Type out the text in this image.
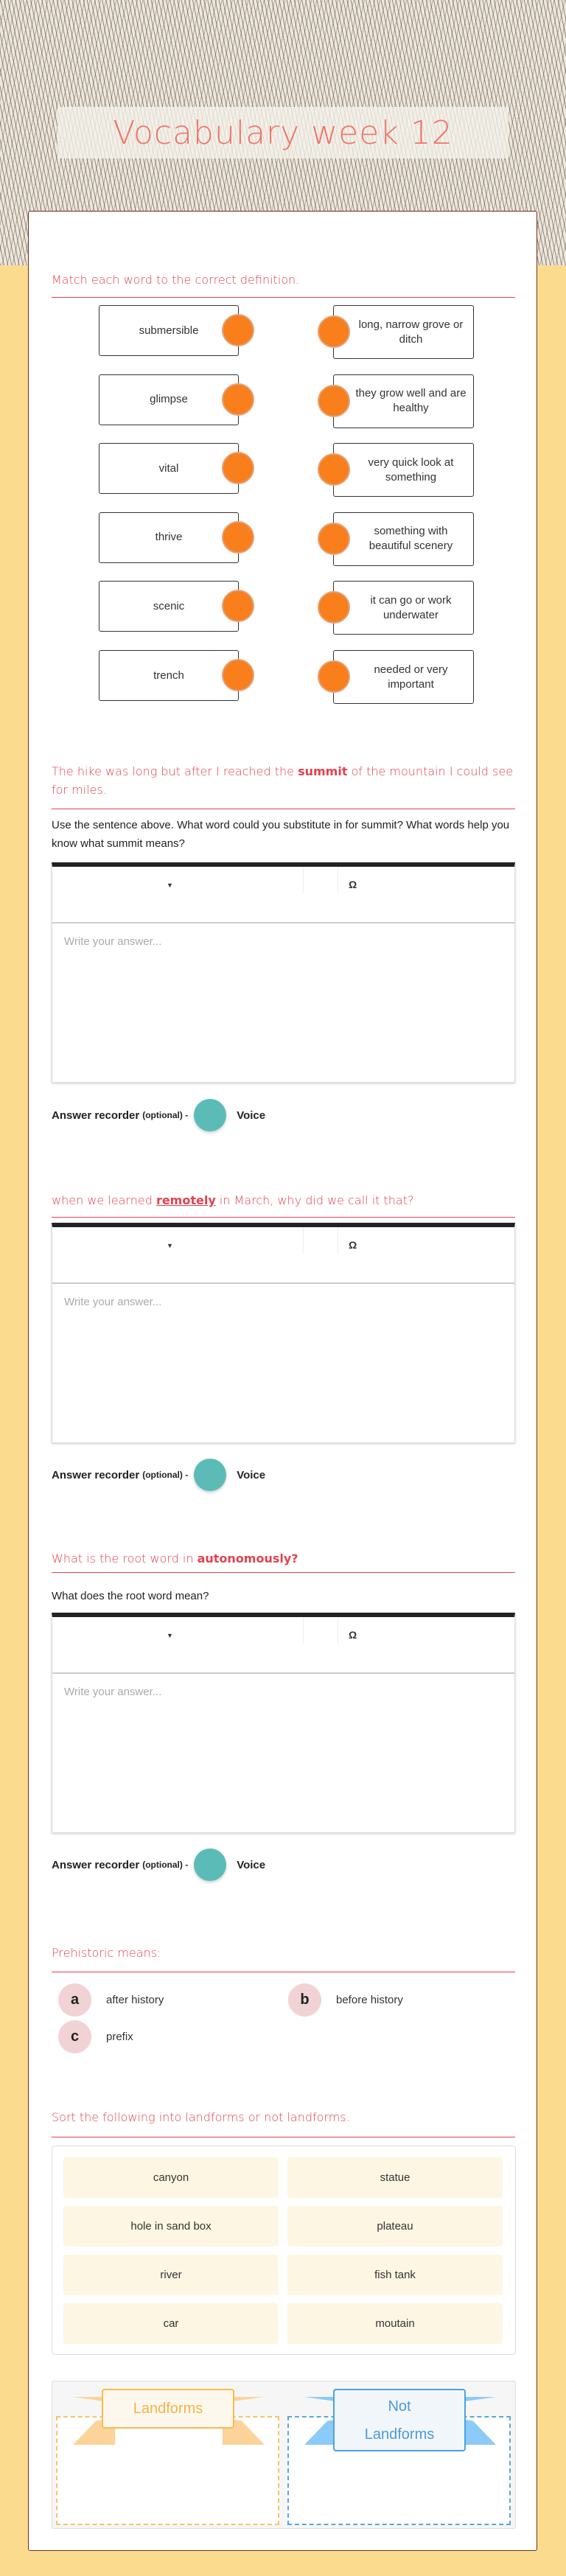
Vocabulary week 12
Match each word to the correct definition.
submersible	long, narrow grove or ditch
glimpse	they grow well and are healthy
vital	very quick look at something
thrive	something with beautiful scenery
scenic	it can go or work underwater
trench	needed or very important
The hike was long but after I reached the summit of the mountain I could see for miles.
Use the sentence above. What word could you substitute in for summit? What words help you know what summit means?
▼	Ω
Write your answer...
Answer recorder (optional) -	Voice
when we learned remotely in March, why did we call it that?
▼	Ω
Write your answer...
Answer recorder (optional) -	Voice
What is the root word in autonomously?
What does the root word mean?
▼	Ω
Write your answer...
Answer recorder (optional) -	Voice
Prehistoric means:
a	after history	b	before history
c	prefix
Sort the following into landforms or not landforms.
canyon	statue
hole in sand box	plateau
river	fish tank
car	moutain
Landforms	Not Landforms
